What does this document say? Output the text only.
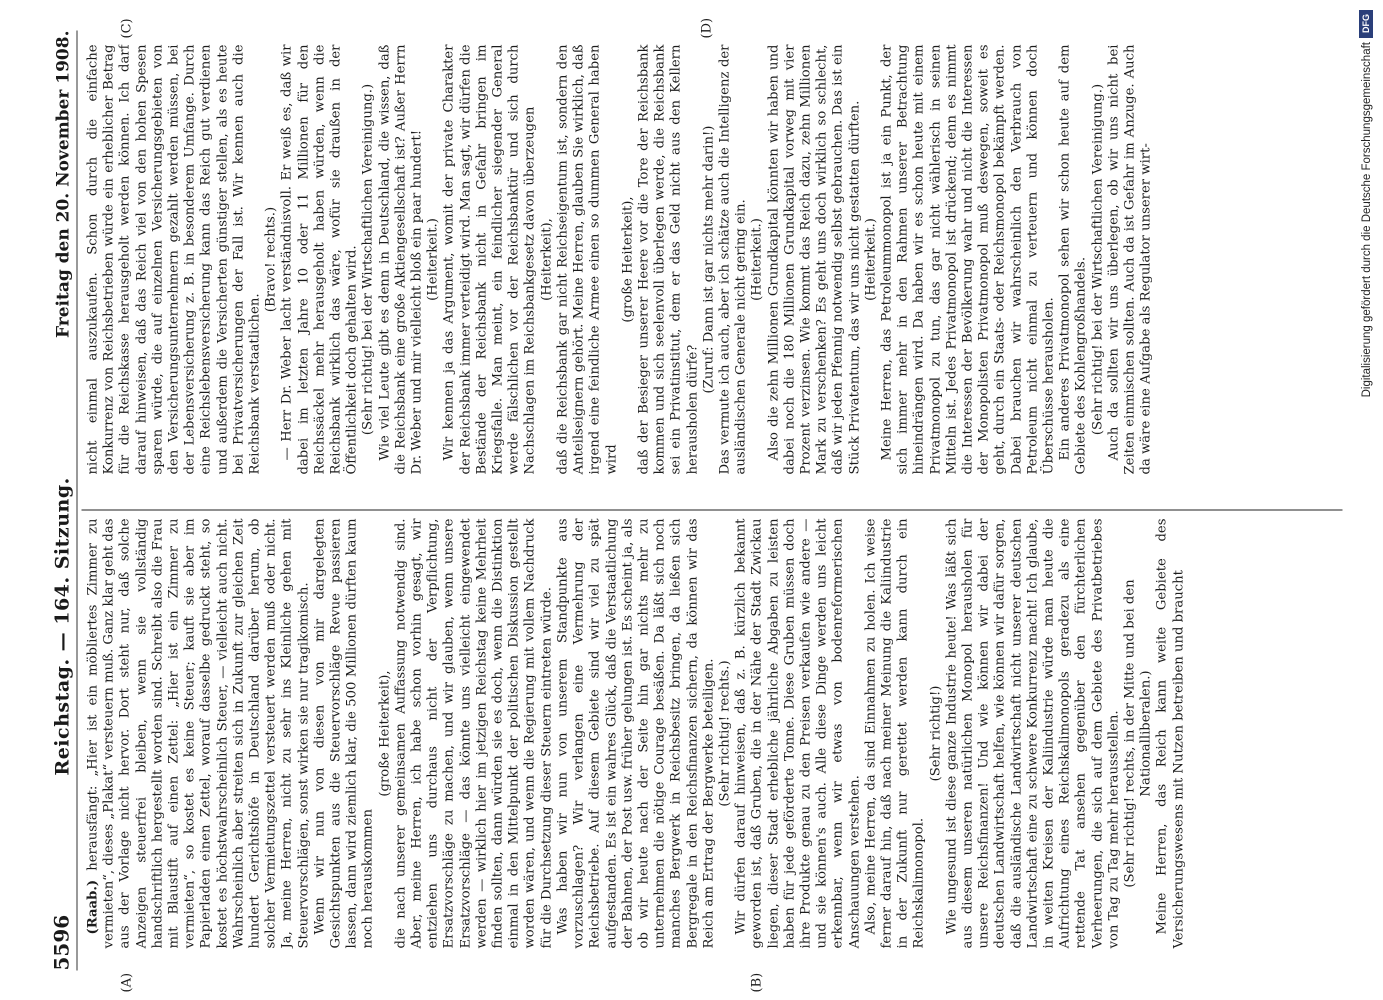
5596
Reichstag. — 164. Sitzung.
Freitag den 20. November 1908.
(A)	(B)
(C)	(D)

(Raab.) herausfängt: „Hier ist ein möbliertes Zimmer zu vermieten“, dieses „Plakat“ versteuern muß. Ganz klar geht das aus der Vorlage nicht hervor. Dort steht nur, daß solche Anzeigen steuerfrei bleiben, wenn sie vollständig handschriftlich hergestellt worden sind. Schreibt also die Frau mit Blaustift auf einen Zettel: „Hier ist ein Zimmer zu vermieten“, so kostet es keine Steuer; kauft sie aber im Papierladen einen Zettel, worauf dasselbe gedruckt steht, so kostet es höchstwahrscheinlich Steuer, — vielleicht auch nicht. Wahrscheinlich aber streiten sich in Zukunft zur gleichen Zeit hundert Gerichtshöfe in Deutschland darüber herum, ob solcher Vermietungszettel versteuert werden muß oder nicht. Ja, meine Herren, nicht zu sehr ins Kleinliche gehen mit Steuervorschlägen, sonst wirken sie nur tragikomisch. Wenn wir nun von diesen von mir dargelegten Gesichtspunkten aus die Steuervorschläge Revue passieren lassen, dann wird ziemlich klar, die 500 Millionen dürften kaum noch herauskommen

(große Heiterkeit), die nach unserer gemeinsamen Auffassung notwendig sind. Aber, meine Herren, ich habe schon vorhin gesagt, wir entziehen uns durchaus nicht der Verpflichtung, Ersatzvorschläge zu machen, und wir glauben, wenn unsere Ersatzvorschläge — das könnte uns vielleicht eingewendet werden — wirklich hier im jetzigen Reichstag keine Mehrheit finden sollten, dann würden sie es doch, wenn die Distinktion einmal in den Mittelpunkt der politischen Diskussion gestellt worden wären, und wenn die Regierung mit vollem Nachdruck für die Durchsetzung dieser Steuern eintreten würde. Was haben wir nun von unserem Standpunkte aus vorzuschlagen? Wir verlangen eine Vermehrung der Reichsbetriebe. Auf diesem Gebiete sind wir viel zu spät aufgestanden. Es ist ein wahres Glück, daß die Verstaatlichung der Bahnen, der Post usw. früher gelungen ist. Es scheint ja, als ob wir heute nach der Seite hin gar nichts mehr zu unternehmen die nötige Courage besäßen. Da läßt sich noch manches Bergwerk in Reichsbesitz bringen, da ließen sich Bergregale in den Reichsfinanzen sichern, da können wir das Reich am Ertrag der Bergwerke beteiligen. (Sehr richtig! rechts.) Wir dürfen darauf hinweisen, daß z. B. kürzlich bekannt geworden ist, daß Gruben, die in der Nähe der Stadt Zwickau liegen, dieser Stadt erhebliche jährliche Abgaben zu leisten haben für jede geförderte Tonne. Diese Gruben müssen doch ihre Produkte genau zu den Preisen verkaufen wie andere — und sie können's auch. Alle diese Dinge werden uns leicht erkennbar, wenn wir etwas von bodenreformerischen Anschauungen verstehen. Also, meine Herren, da sind Einnahmen zu holen. Ich weise ferner darauf hin, daß nach meiner Meinung die Kaliindustrie in der Zukunft nur gerettet werden kann durch ein Reichskalimonopol.

(Sehr richtig!) Wie ungesund ist diese ganze Industrie heute! Was läßt sich aus diesem unseren natürlichen Monopol herausholen für unsere Reichsfinanzen! Und wie können wir dabei der deutschen Landwirtschaft helfen, wie können wir dafür sorgen, daß die ausländische Landwirtschaft nicht unserer deutschen Landwirtschaft eine zu schwere Konkurrenz macht! Ich glaube, in weiten Kreisen der Kaliindustrie würde man heute die Aufrichtung eines Reichskalimonopols geradezu als eine rettende Tat ansehen gegenüber den fürchterlichen Verheerungen, die sich auf dem Gebiete des Privatbetriebes von Tag zu Tag mehr herausstellen. (Sehr richtig! rechts, in der Mitte und bei den Nationalliberalen.) Meine Herren, das Reich kann weite Gebiete des Versicherungswesens mit Nutzen betreiben und braucht

nicht einmal auszukaufen. Schon durch die einfache Konkurrenz von Reichsbetrieben würde ein erheblicher Betrag für die Reichskasse herausgeholt werden können. Ich darf darauf hinweisen, daß das Reich viel von den hohen Spesen sparen würde, die auf einzelnen Versicherungsgebieten von den Versicherungsunternehmern gezahlt werden müssen, bei der Lebensversicherung z. B. in besonderem Umfange. Durch eine Reichslebensversicherung kann das Reich gut verdienen und außerdem die Versicherten günstiger stellen, als es heute bei Privatversicherungen der Fall ist. Wir kennen auch die Reichsbank verstaatlichen.

(Bravo! rechts.) — Herr Dr. Weber lacht verständnisvoll. Er weiß es, daß wir dabei im letzten Jahre 10 oder 11 Millionen für den Reichssäckel mehr herausgeholt haben würden, wenn die Reichsbank wirklich das wäre, wofür sie draußen in der Öffentlichkeit doch gehalten wird. (Sehr richtig! bei der Wirtschaftlichen Vereinigung.) Wie viel Leute gibt es denn in Deutschland, die wissen, daß die Reichsbank eine große Aktiengesellschaft ist? Außer Herrn Dr. Weber und mir vielleicht bloß ein paar hundert! (Heiterkeit.) Wir kennen ja das Argument, womit der private Charakter der Reichsbank immer verteidigt wird. Man sagt, wir dürfen die Bestände der Reichsbank nicht in Gefahr bringen im Kriegsfalle. Man meint, ein feindlicher siegender General werde fälschlichen vor der Reichsbanktür und sich durch Nachschlagen im Reichsbankgesetz davon überzeugen (Heiterkeit), daß die Reichsbank gar nicht Reichseigentum ist, sondern den Anteilseignern gehört. Meine Herren, glauben Sie wirklich, daß irgend eine feindliche Armee einen so dummen General haben wird

(große Heiterkeit), daß der Besieger unserer Heere vor die Tore der Reichsbank kommen und sich seelenvoll überlegen werde, die Reichsbank sei ein Privatinstitut, dem er das Geld nicht aus den Kellern herausholen dürfe?

(Zuruf: Dann ist gar nichts mehr darin!) Das vermute ich auch, aber ich schätze auch die Intelligenz der ausländischen Generale nicht gering ein. (Heiterkeit.) Also die zehn Millionen Grundkapital könnten wir haben und dabei noch die 180 Millionen Grundkapital vorweg mit vier Prozent verzinsen. Wie kommt das Reich dazu, zehn Millionen Mark zu verschenken? Es geht uns doch wirklich so schlecht, daß wir jeden Pfennig notwendig selbst gebrauchen. Das ist ein Stück Privatentum, das wir uns nicht gestatten dürften. (Heiterkeit.) Meine Herren, das Petroleummonopol ist ja ein Punkt, der sich immer mehr in den Rahmen unserer Betrachtung hineindrängen wird. Da haben wir es schon heute mit einem Privatmonopol zu tun, das gar nicht wählerisch in seinen Mitteln ist. Jedes Privatmonopol ist drückend; denn es nimmt die Interessen der Bevölkerung wahr und nicht die Interessen der Monopolisten Privatmonopol muß deswegen, soweit es geht, durch ein Staats- oder Reichsmonopol bekämpft werden. Dabei brauchen wir wahrscheinlich den Verbrauch von Petroleum nicht einmal zu verteuern und können doch Überschüsse herausholen. Ein anderes Privatmonopol sehen wir schon heute auf dem Gebiete des Kohlengroßhandels. (Sehr richtig! bei der Wirtschaftlichen Vereinigung.) Auch da sollten wir uns überlegen, ob wir uns nicht bei Zeiten einmischen sollten. Auch da ist Gefahr im Anzuge. Auch da wäre eine Aufgabe als Regulator unserer wirt-

DFG
Digitalisierung gefördert durch die Deutsche Forschungsgemeinschaft
